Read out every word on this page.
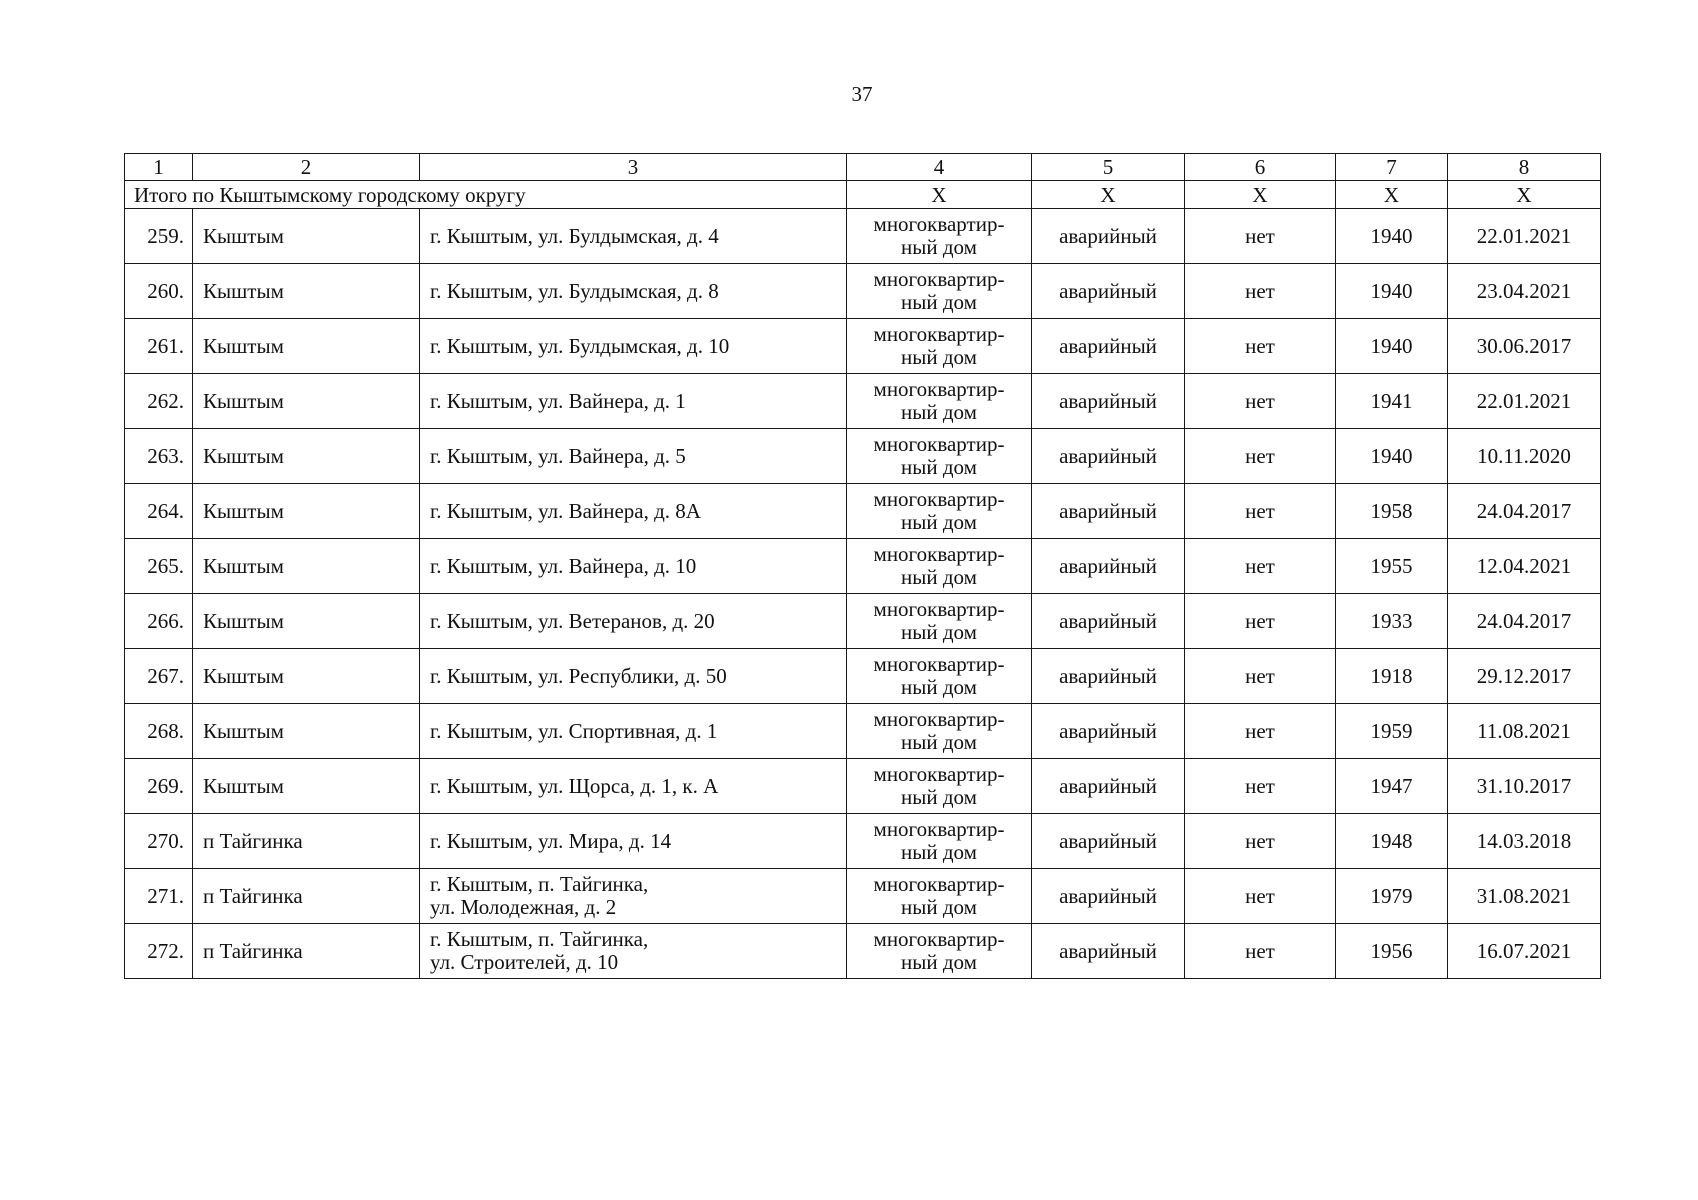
37
1	2	3	4	5	6	7	8
Итого по Кыштымскому городскому округу			X	X	X	X	X
259.	Кыштым	г. Кыштым, ул. Булдымская, д. 4	многоквартир-
ный дом	аварийный	нет	1940	22.01.2021
260.	Кыштым	г. Кыштым, ул. Булдымская, д. 8	многоквартир-
ный дом	аварийный	нет	1940	23.04.2021
261.	Кыштым	г. Кыштым, ул. Булдымская, д. 10	многоквартир-
ный дом	аварийный	нет	1940	30.06.2017
262.	Кыштым	г. Кыштым, ул. Вайнера, д. 1	многоквартир-
ный дом	аварийный	нет	1941	22.01.2021
263.	Кыштым	г. Кыштым, ул. Вайнера, д. 5	многоквартир-
ный дом	аварийный	нет	1940	10.11.2020
264.	Кыштым	г. Кыштым, ул. Вайнера, д. 8А	многоквартир-
ный дом	аварийный	нет	1958	24.04.2017
265.	Кыштым	г. Кыштым, ул. Вайнера, д. 10	многоквартир-
ный дом	аварийный	нет	1955	12.04.2021
266.	Кыштым	г. Кыштым, ул. Ветеранов, д. 20	многоквартир-
ный дом	аварийный	нет	1933	24.04.2017
267.	Кыштым	г. Кыштым, ул. Республики, д. 50	многоквартир-
ный дом	аварийный	нет	1918	29.12.2017
268.	Кыштым	г. Кыштым, ул. Спортивная, д. 1	многоквартир-
ный дом	аварийный	нет	1959	11.08.2021
269.	Кыштым	г. Кыштым, ул. Щорса, д. 1, к. А	многоквартир-
ный дом	аварийный	нет	1947	31.10.2017
270.	п Тайгинка	г. Кыштым, ул. Мира, д. 14	многоквартир-
ный дом	аварийный	нет	1948	14.03.2018
271.	п Тайгинка	г. Кыштым, п. Тайгинка,
ул. Молодежная, д. 2	многоквартир-
ный дом	аварийный	нет	1979	31.08.2021
272.	п Тайгинка	г. Кыштым, п. Тайгинка,
ул. Строителей, д. 10	многоквартир-
ный дом	аварийный	нет	1956	16.07.2021
